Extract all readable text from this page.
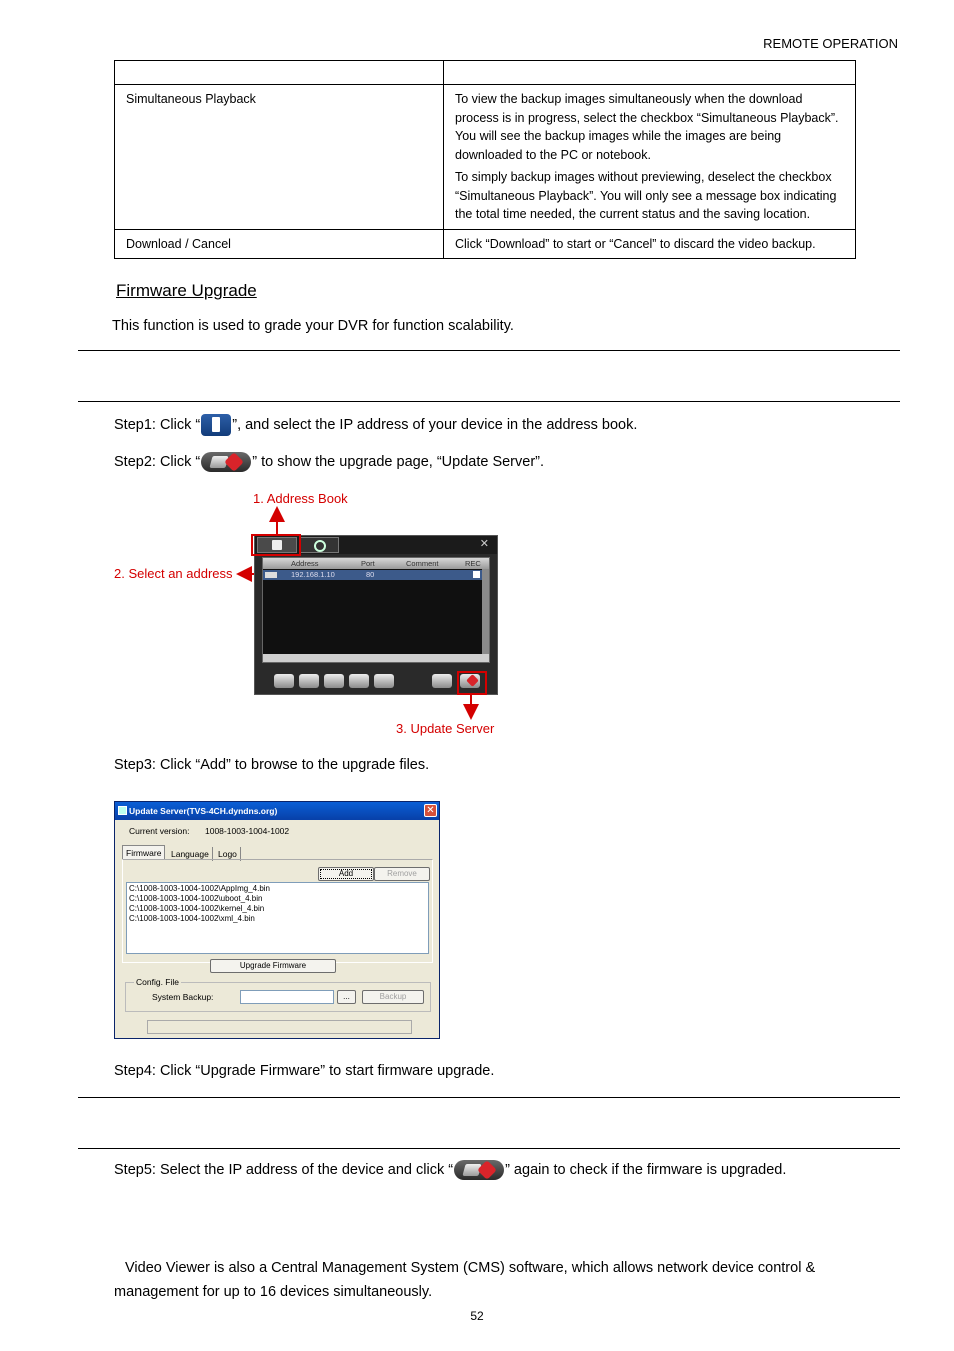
REMOTE OPERATION

Simultaneous Playback	To view the backup images simultaneously when the download process is in progress, select the checkbox “Simultaneous Playback”. You will see the backup images while the images are being downloaded to the PC or notebook.

To simply backup images without previewing, deselect the checkbox “Simultaneous Playback”. You will only see a message box indicating the total time needed, the current status and the saving location.

Download / Cancel	Click “Download” to start or “Cancel” to discard the video backup.

Firmware Upgrade
This function is used to grade your DVR for function scalability.
Step1: Click “ ”, and select the IP address of your device in the address book.
Step2: Click “	” to show the upgrade page, “Update Server”.
1. Address Book
2. Select an address
3. Update Server
✕
Address	Port	Comment	REC
192.168.1.10	80
Step3: Click “Add” to browse to the upgrade files.
Update Server(TVS-4CH.dyndns.org)	✕
Current version: 1008-1003-1004-1002
Firmware	Language	Logo
Add	Remove
C:\1008-1003-1004-1002\AppImg_4.bin
C:\1008-1003-1004-1002\uboot_4.bin
C:\1008-1003-1004-1002\kernel_4.bin
C:\1008-1003-1004-1002\xml_4.bin
Upgrade Firmware
Config. File
System Backup:	...	Backup
Step4: Click “Upgrade Firmware” to start firmware upgrade.
Step5: Select the IP address of the device and click “	” again to check if the firmware is upgraded.
Video Viewer is also a Central Management System (CMS) software, which allows network device control & management for up to 16 devices simultaneously.
52
